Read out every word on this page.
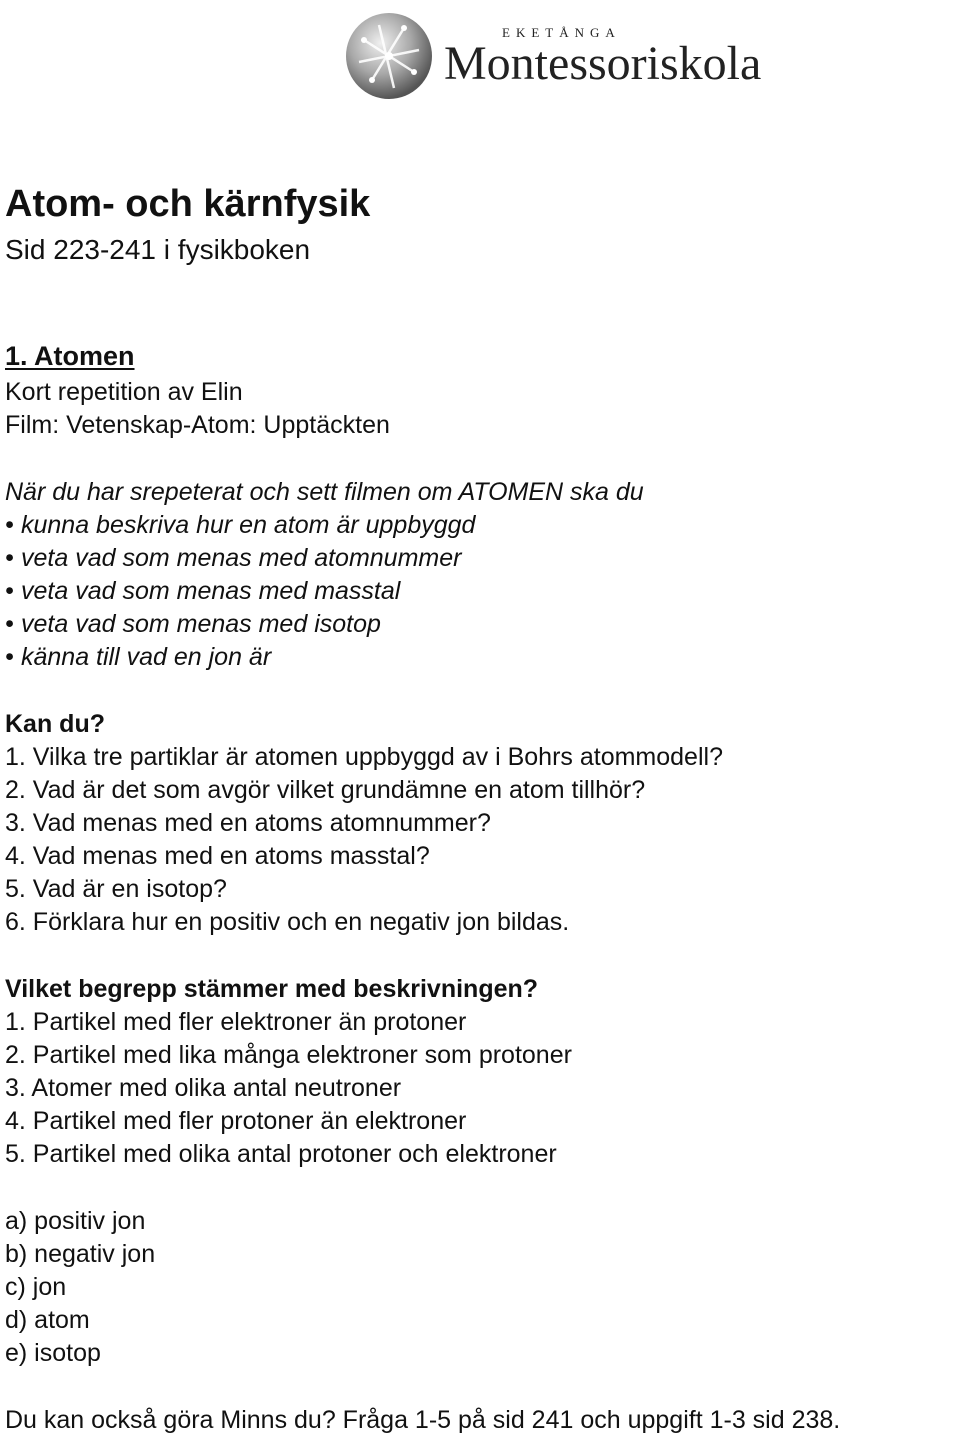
EKETÅNGA
Montessoriskola
Atom- och kärnfysik
Sid 223-241 i fysikboken
1. Atomen
Kort repetition av Elin
Film: Vetenskap-Atom: Upptäckten
När du har srepeterat och sett filmen om ATOMEN ska du
• kunna beskriva hur en atom är uppbyggd
• veta vad som menas med atomnummer
• veta vad som menas med masstal
• veta vad som menas med isotop
• känna till vad en jon är
Kan du?
1. Vilka tre partiklar är atomen uppbyggd av i Bohrs atommodell?
2. Vad är det som avgör vilket grundämne en atom tillhör?
3. Vad menas med en atoms atomnummer?
4. Vad menas med en atoms masstal?
5. Vad är en isotop?
6. Förklara hur en positiv och en negativ jon bildas.
Vilket begrepp stämmer med beskrivningen?
1. Partikel med fler elektroner än protoner
2. Partikel med lika många elektroner som protoner
3. Atomer med olika antal neutroner
4. Partikel med fler protoner än elektroner
5. Partikel med olika antal protoner och elektroner
a) positiv jon
b) negativ jon
c) jon
d) atom
e) isotop
Du kan också göra Minns du? Fråga 1-5 på sid 241 och uppgift 1-3 sid 238.
